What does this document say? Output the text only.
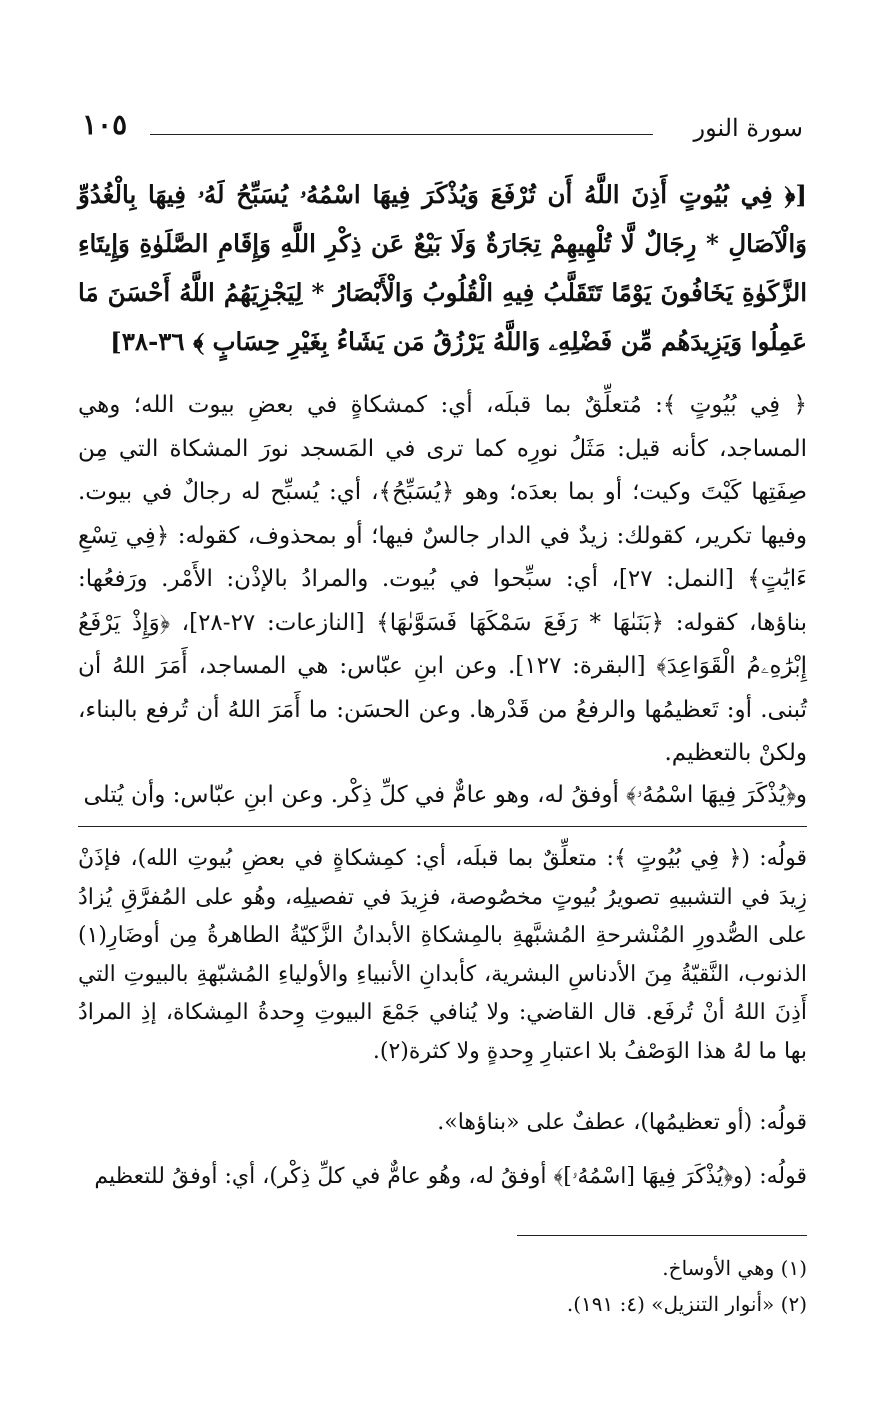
سورة النور
١٠٥

[﴿ فِي بُيُوتٍ أَذِنَ اللَّهُ أَن تُرْفَعَ وَيُذْكَرَ فِيهَا اسْمُهُۥ يُسَبِّحُ لَهُۥ فِيهَا بِالْغُدُوِّ وَالْآصَالِ * رِجَالٌ لَّا تُلْهِيهِمْ تِجَارَةٌ وَلَا بَيْعٌ عَن ذِكْرِ اللَّهِ وَإِقَامِ الصَّلَوٰةِ وَإِيتَاءِ الزَّكَوٰةِ يَخَافُونَ يَوْمًا تَتَقَلَّبُ فِيهِ الْقُلُوبُ وَالْأَبْصَارُ * لِيَجْزِيَهُمُ اللَّهُ أَحْسَنَ مَا عَمِلُوا وَيَزِيدَهُم مِّن فَضْلِهِۦ وَاللَّهُ يَرْزُقُ مَن يَشَاءُ بِغَيْرِ حِسَابٍ ﴾ ٣٦-٣٨]

﴿ فِي بُيُوتٍ ﴾: مُتعلِّقٌ بما قبلَه، أي: كمشكاةٍ في بعضِ بيوت الله؛ وهي المساجد، كأنه قيل: مَثَلُ نورِه كما ترى في المَسجد نورَ المشكاة التي مِن صِفَتِها كَيْتَ وكيت؛ أو بما بعدَه؛ وهو ﴿يُسَبِّحُ﴾، أي: يُسبِّح له رجالٌ في بيوت. وفيها تكرير، كقولك: زيدٌ في الدار جالسٌ فيها؛ أو بمحذوف، كقوله: ﴿فِي تِسْعِ ءَايَٰتٍ﴾ [النمل: ٢٧]، أي: سبِّحوا في بُيوت. والمرادُ بالإذْن: الأَمْر. ورَفعُها: بناؤها، كقوله: ﴿بَنَىٰهَا * رَفَعَ سَمْكَهَا فَسَوَّىٰهَا﴾ [النازعات: ٢٧-٢٨]، ﴿وَإِذْ يَرْفَعُ إِبْرَٰهِۦمُ الْقَوَاعِدَ﴾ [البقرة: ١٢٧]. وعن ابنِ عبّاس: هي المساجد، أَمَرَ اللهُ أن تُبنى. أو: تَعظيمُها والرفعُ من قَدْرها. وعن الحسَن: ما أَمَرَ اللهُ أن تُرفع بالبناء، ولكنْ بالتعظيم.

و﴿يُذْكَرَ فِيهَا اسْمُهُۥ﴾ أوفقُ له، وهو عامٌّ في كلِّ ذِكْر. وعن ابنِ عبّاس: وأن يُتلى

قولُه: (﴿ فِي بُيُوتٍ ﴾: متعلِّقٌ بما قبلَه، أي: كمِشكاةٍ في بعضِ بُيوتِ الله)، فإذَنْ زِيدَ في التشبيهِ تصويرُ بُيوتٍ مخصُوصة، فزِيدَ في تفصيلِه، وهُو على المُفرَّقِ يُزادُ على الصُّدورِ المُنْشرحةِ المُشبَّهةِ بالمِشكاةِ الأبدانُ الزَّكيّةُ الطاهرةُ مِن أوضَارِ(١) الذنوب، النَّقيّةُ مِنَ الأدناسِ البشرية، كأبدانِ الأنبياءِ والأولياءِ المُشبّهةِ بالبيوتِ التي أَذِنَ اللهُ أنْ تُرفَع. قال القاضي: ولا يُنافي جَمْعَ البيوتِ وِحدةُ المِشكاة، إذِ المرادُ بها ما لهُ هذا الوَصْفُ بلا اعتبارِ وِحدةٍ ولا كثرة(٢).

قولُه: (أو تعظيمُها)، عطفٌ على «بناؤها».

قولُه: (و﴿يُذْكَرَ فِيهَا [اسْمُهُۥ]﴾ أوفقُ له، وهُو عامٌّ في كلِّ ذِكْر)، أي: أوفقُ للتعظيم

(١) وهي الأوساخ.
(٢) «أنوار التنزيل» (٤: ١٩١).
